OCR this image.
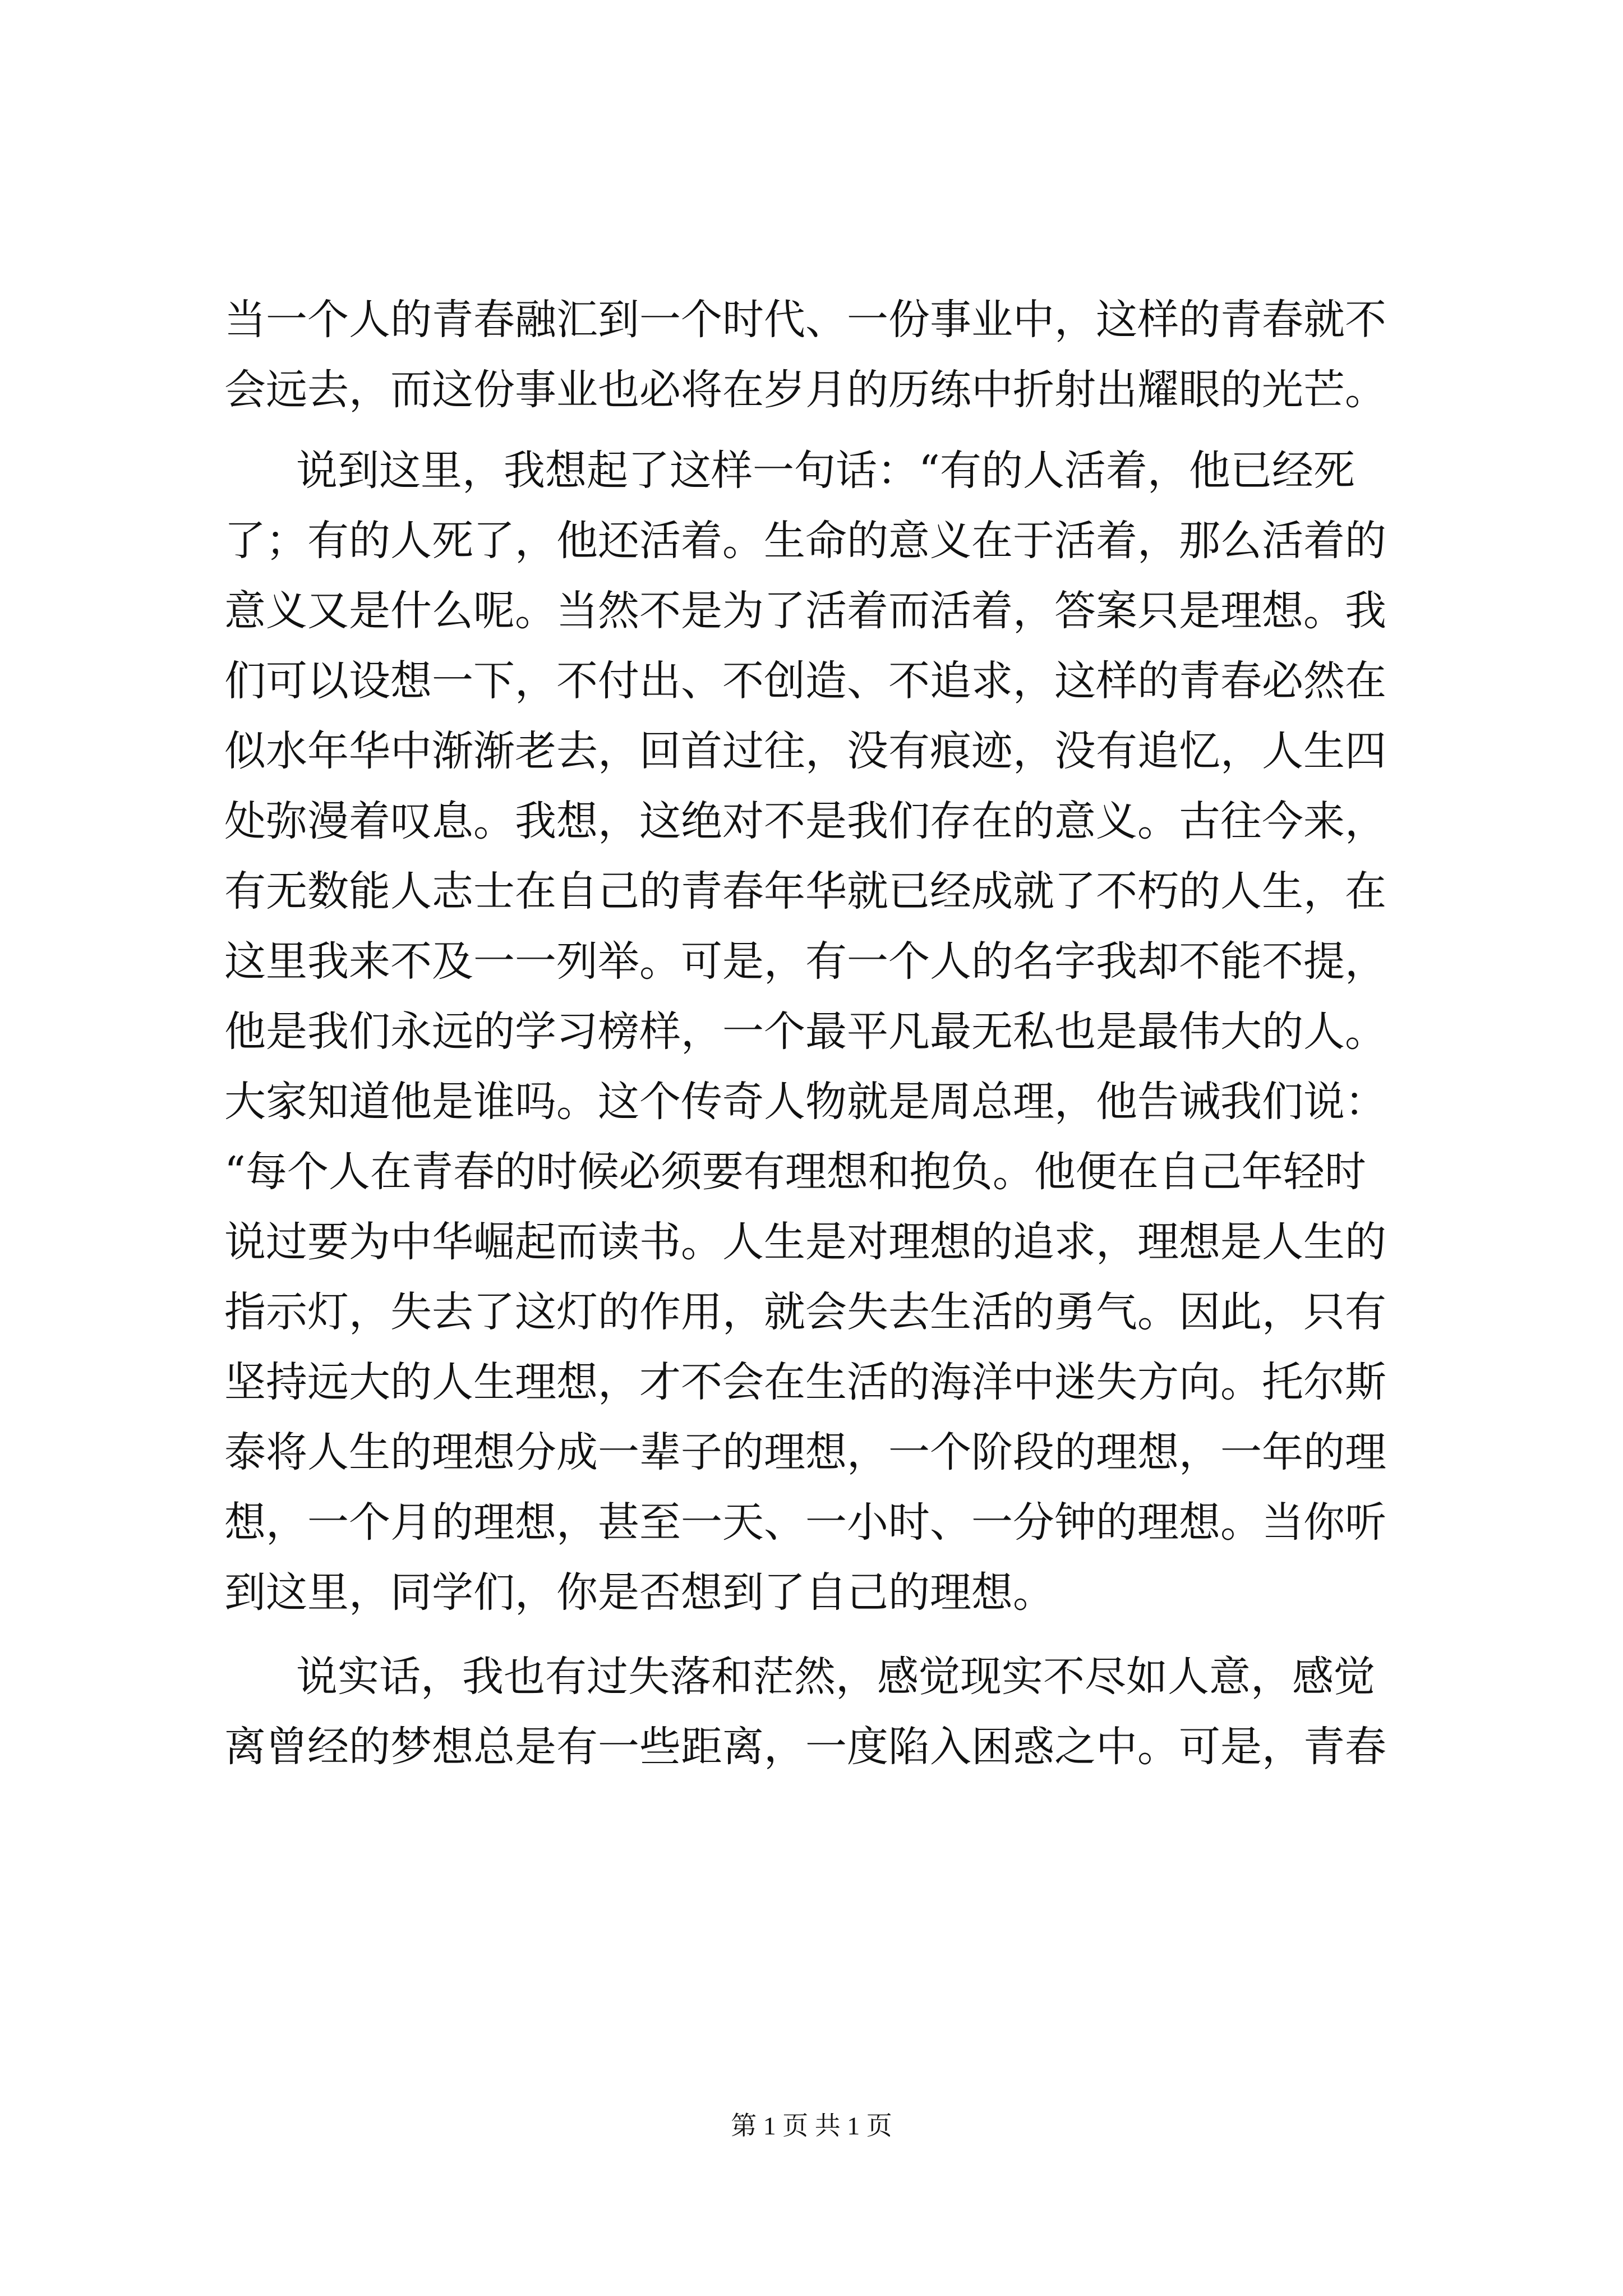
当一个人的青春融汇到一个时代、一份事业中，这样的青春就不
会远去，而这份事业也必将在岁月的历练中折射出耀眼的光芒。
说到这里，我想起了这样一句话：“有的人活着，他已经死
了；有的人死了，他还活着。生命的意义在于活着，那么活着的
意义又是什么呢。当然不是为了活着而活着，答案只是理想。我
们可以设想一下，不付出、不创造、不追求，这样的青春必然在
似水年华中渐渐老去，回首过往，没有痕迹，没有追忆，人生四
处弥漫着叹息。我想，这绝对不是我们存在的意义。古往今来，
有无数能人志士在自己的青春年华就已经成就了不朽的人生，在
这里我来不及一一列举。可是，有一个人的名字我却不能不提，
他是我们永远的学习榜样，一个最平凡最无私也是最伟大的人。
大家知道他是谁吗。这个传奇人物就是周总理，他告诫我们说：
“每个人在青春的时候必须要有理想和抱负。他便在自己年轻时
说过要为中华崛起而读书。人生是对理想的追求，理想是人生的
指示灯，失去了这灯的作用，就会失去生活的勇气。因此，只有
坚持远大的人生理想，才不会在生活的海洋中迷失方向。托尔斯
泰将人生的理想分成一辈子的理想，一个阶段的理想，一年的理
想，一个月的理想，甚至一天、一小时、一分钟的理想。当你听
到这里，同学们，你是否想到了自己的理想。
说实话，我也有过失落和茫然，感觉现实不尽如人意，感觉
离曾经的梦想总是有一些距离，一度陷入困惑之中。可是，青春
第 1 页 共 1 页
